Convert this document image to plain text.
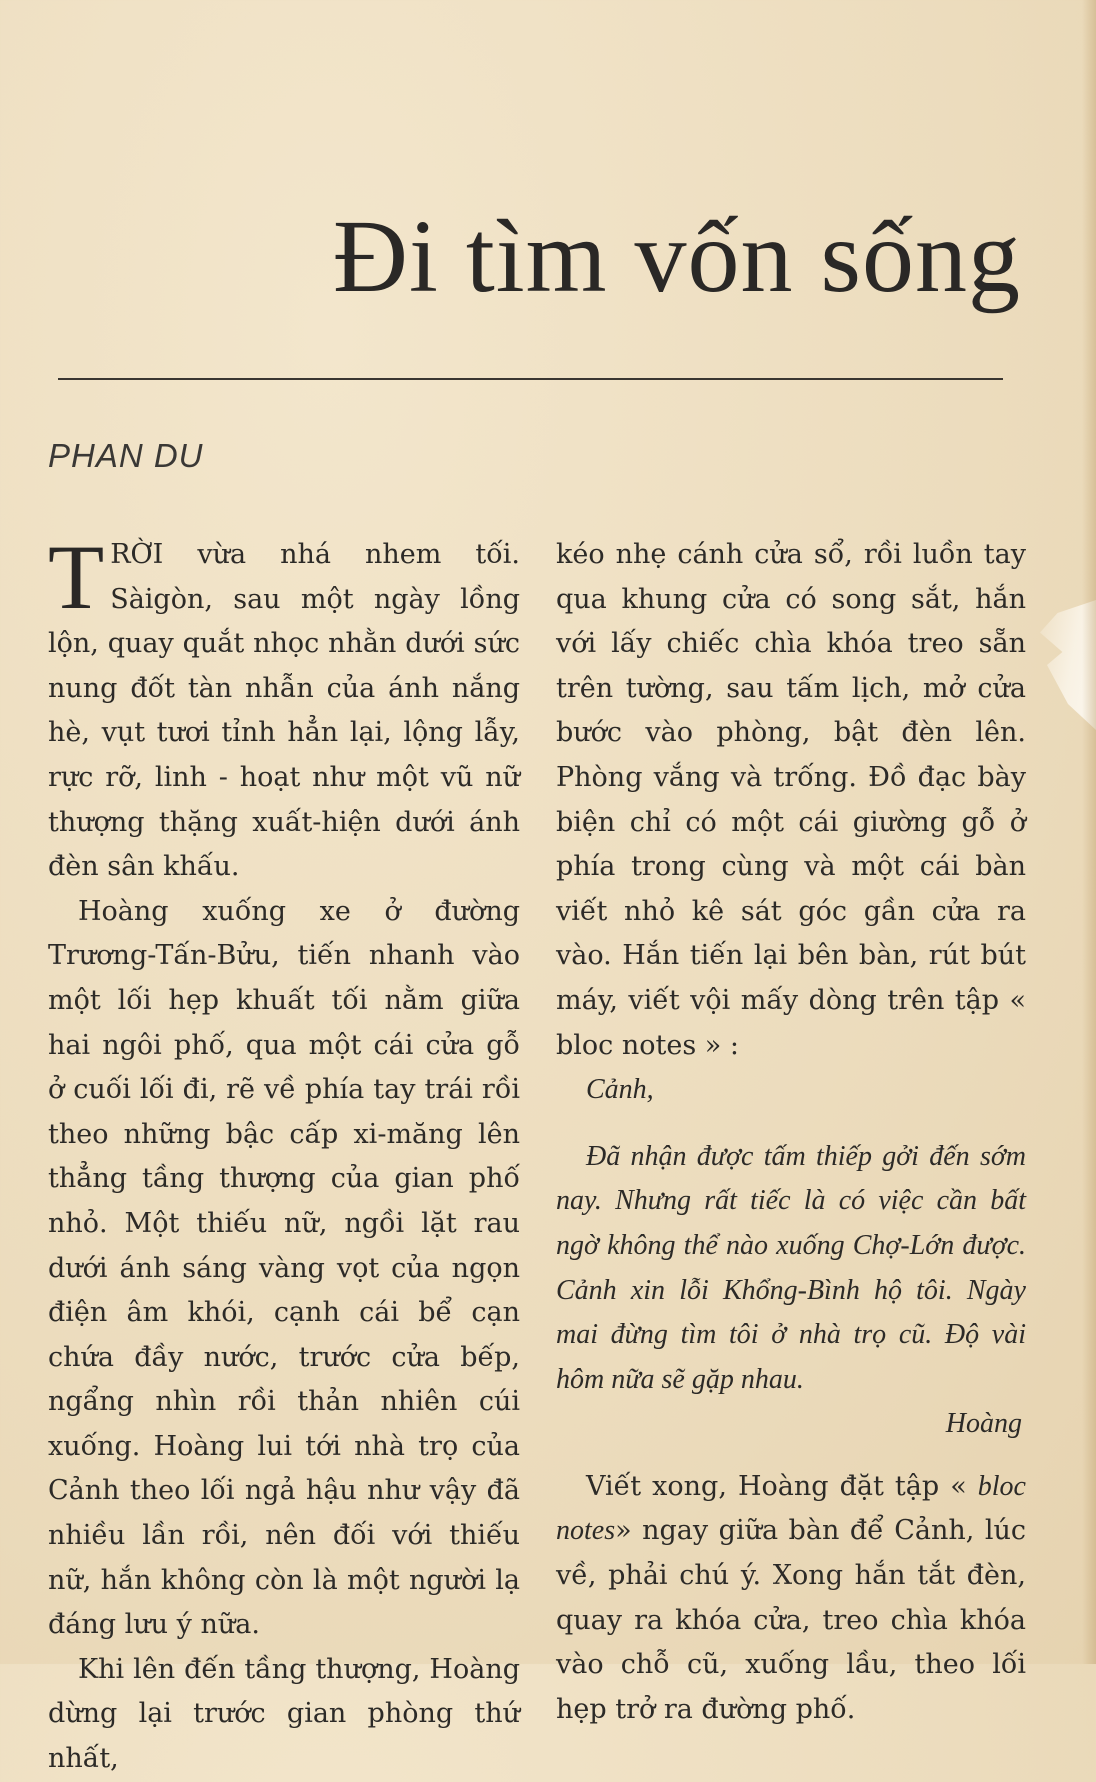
Đi tìm vốn sống
PHAN DU

TRỜI vừa nhá nhem tối. Sàigòn, sau một ngày lồng lộn, quay quắt nhọc nhằn dưới sức nung đốt tàn nhẫn của ánh nắng hè, vụt tươi tỉnh hẳn lại, lộng lẫy, rực rỡ, linh - hoạt như một vũ nữ thượng thặng xuất-hiện dưới ánh đèn sân khấu.

Hoàng xuống xe ở đường Trương-Tấn-Bửu, tiến nhanh vào một lối hẹp khuất tối nằm giữa hai ngôi phố, qua một cái cửa gỗ ở cuối lối đi, rẽ về phía tay trái rồi theo những bậc cấp xi-măng lên thẳng tầng thượng của gian phố nhỏ. Một thiếu nữ, ngồi lặt rau dưới ánh sáng vàng vọt của ngọn điện âm khói, cạnh cái bể cạn chứa đầy nước, trước cửa bếp, ngẩng nhìn rồi thản nhiên cúi xuống. Hoàng lui tới nhà trọ của Cảnh theo lối ngả hậu như vậy đã nhiều lần rồi, nên đối với thiếu nữ, hắn không còn là một người lạ đáng lưu ý nữa.

Khi lên đến tầng thượng, Hoàng dừng lại trước gian phòng thứ nhất,

kéo nhẹ cánh cửa sổ, rồi luồn tay qua khung cửa có song sắt, hắn với lấy chiếc chìa khóa treo sẵn trên tường, sau tấm lịch, mở cửa bước vào phòng, bật đèn lên. Phòng vắng và trống. Đồ đạc bày biện chỉ có một cái giường gỗ ở phía trong cùng và một cái bàn viết nhỏ kê sát góc gần cửa ra vào. Hắn tiến lại bên bàn, rút bút máy, viết vội mấy dòng trên tập « bloc notes » :

Cảnh,

Đã nhận được tấm thiếp gởi đến sớm nay. Nhưng rất tiếc là có việc cần bất ngờ không thể nào xuống Chợ-Lớn được. Cảnh xin lỗi Khổng-Bình hộ tôi. Ngày mai đừng tìm tôi ở nhà trọ cũ. Độ vài hôm nữa sẽ gặp nhau.

Hoàng

Viết xong, Hoàng đặt tập « bloc notes» ngay giữa bàn để Cảnh, lúc về, phải chú ý. Xong hắn tắt đèn, quay ra khóa cửa, treo chìa khóa vào chỗ cũ, xuống lầu, theo lối hẹp trở ra đường phố.
